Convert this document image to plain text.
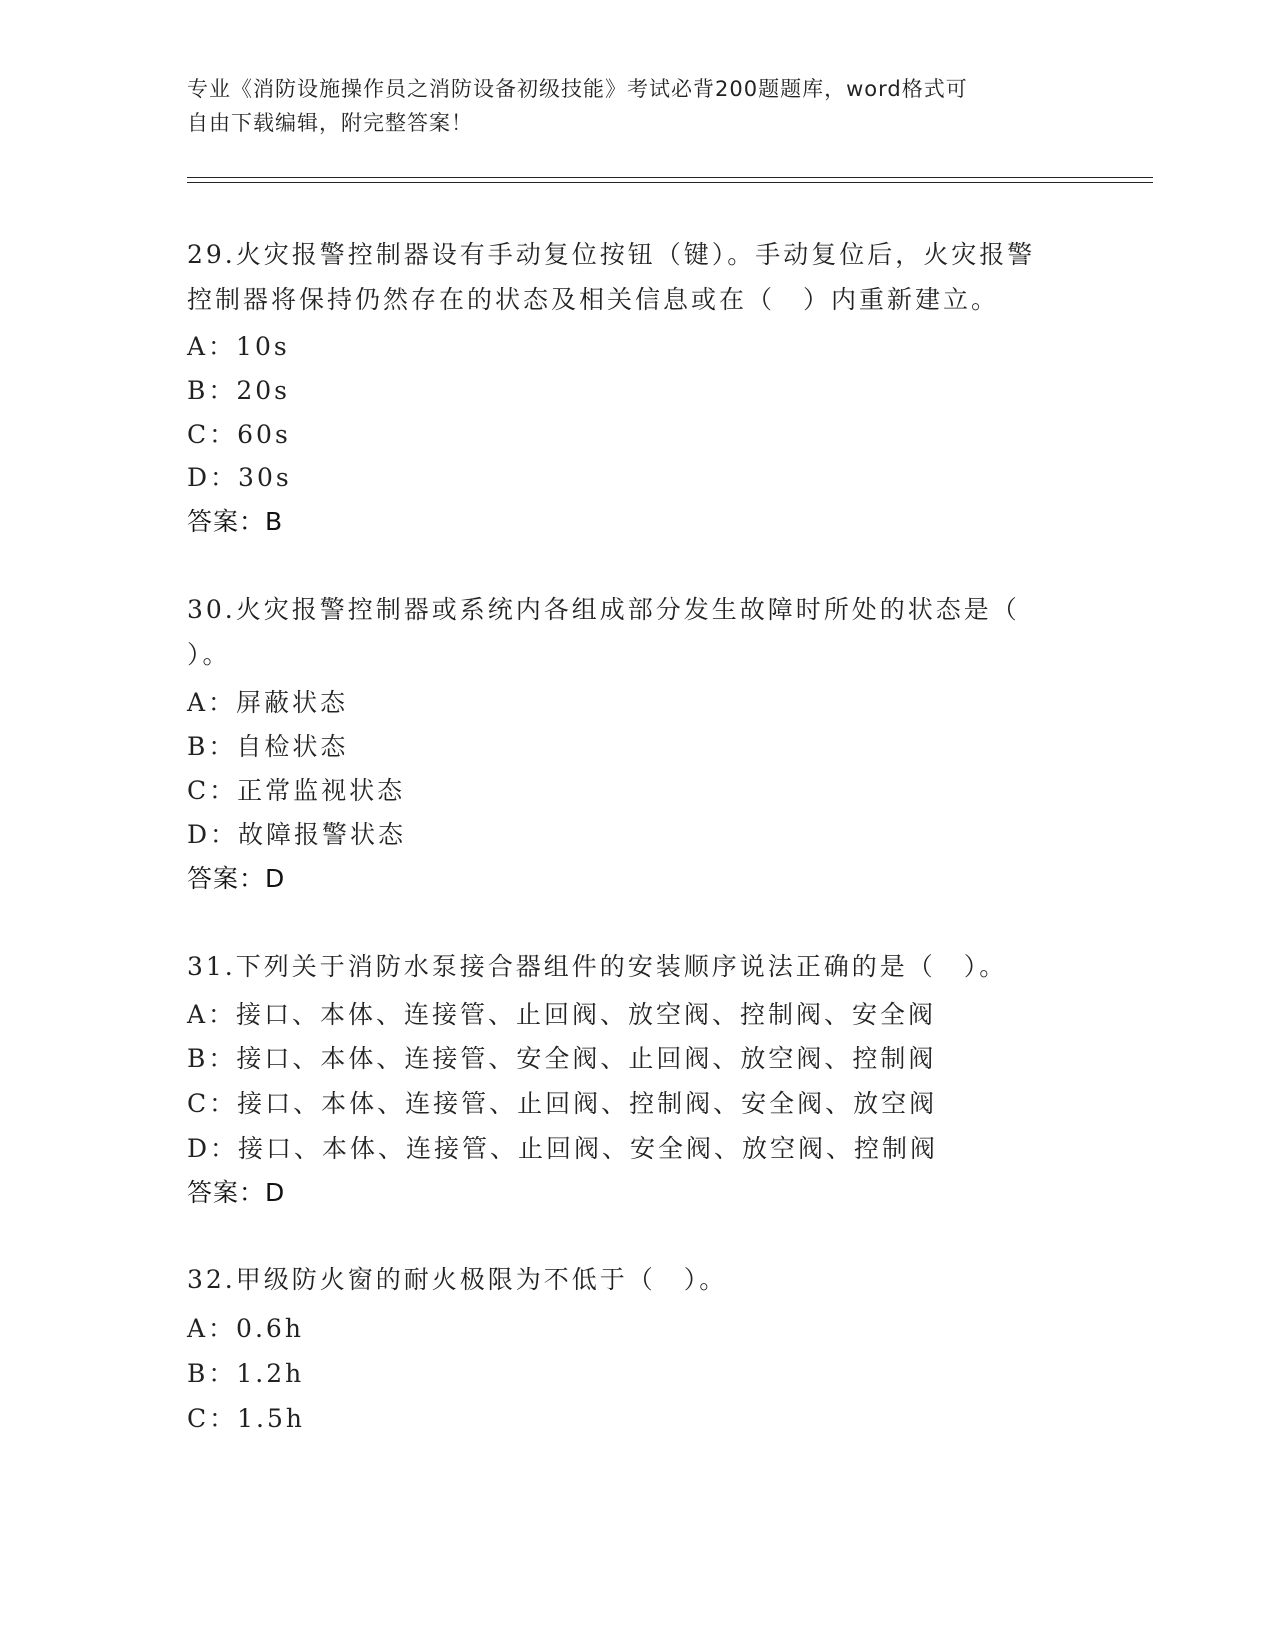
专业《消防设施操作员之消防设备初级技能》考试必背200题题库，word格式可
自由下载编辑，附完整答案！
29.火灾报警控制器设有手动复位按钮（键）。手动复位后，火灾报警
控制器将保持仍然存在的状态及相关信息或在（　）内重新建立。
A：10s
B：20s
C：60s
D：30s
答案：B
30.火灾报警控制器或系统内各组成部分发生故障时所处的状态是（
）。
A：屏蔽状态
B：自检状态
C：正常监视状态
D：故障报警状态
答案：D
31.下列关于消防水泵接合器组件的安装顺序说法正确的是（　）。
A：接口、本体、连接管、止回阀、放空阀、控制阀、安全阀
B：接口、本体、连接管、安全阀、止回阀、放空阀、控制阀
C：接口、本体、连接管、止回阀、控制阀、安全阀、放空阀
D：接口、本体、连接管、止回阀、安全阀、放空阀、控制阀
答案：D
32.甲级防火窗的耐火极限为不低于（　）。
A：0.6h
B：1.2h
C：1.5h
